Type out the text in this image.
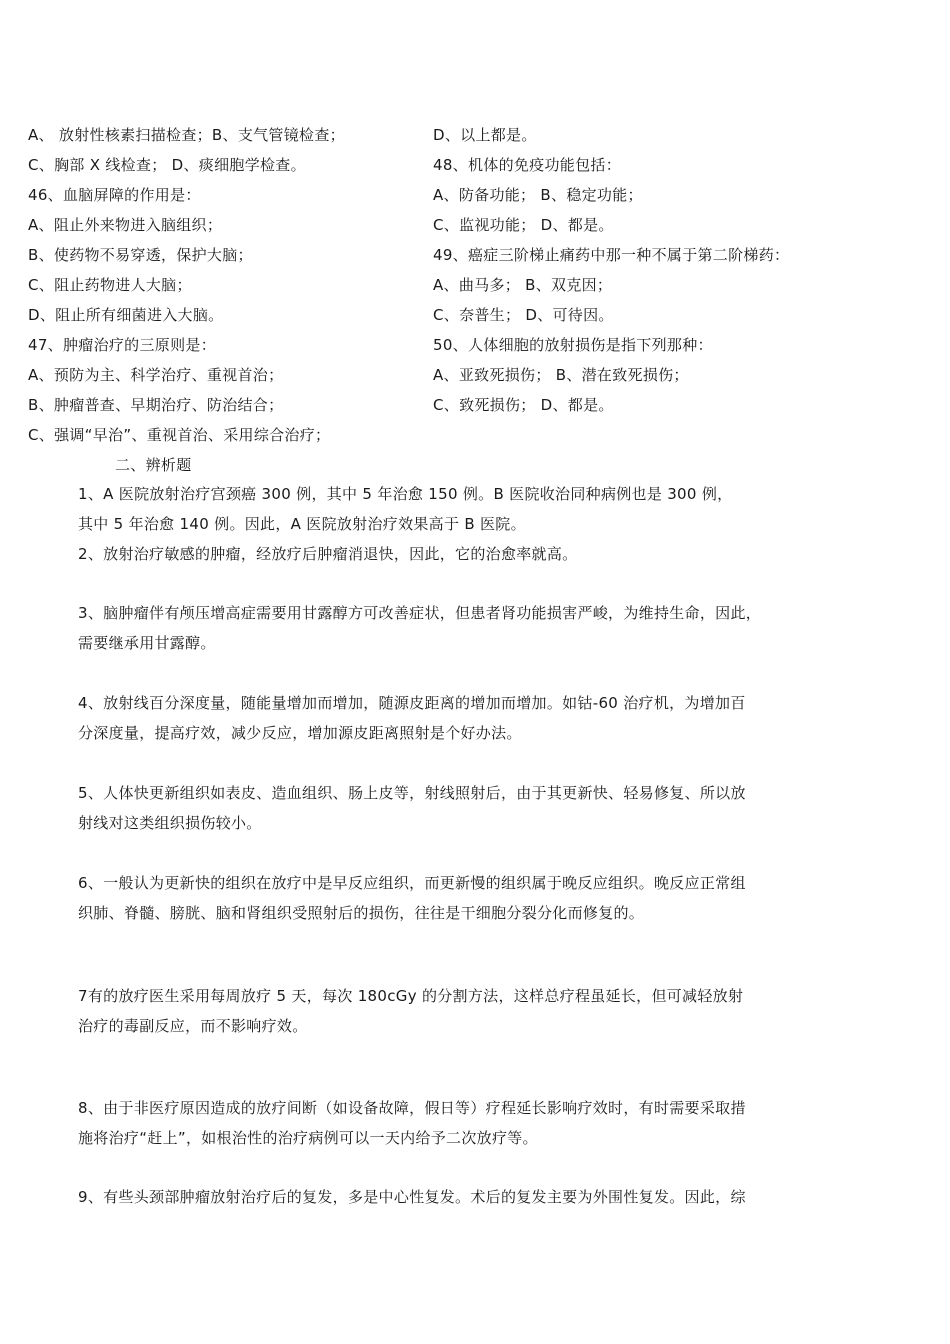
A、 放射性核素扫描检查；B、支气管镜检查；
C、胸部 X 线检查； D、痰细胞学检查。
46、血脑屏障的作用是：
A、阻止外来物进入脑组织；
B、使药物不易穿透，保护大脑；
C、阻止药物进人大脑；
D、阻止所有细菌进入大脑。
47、肿瘤治疗的三原则是：
A、预防为主、科学治疗、重视首治；
B、肿瘤普查、早期治疗、防治结合；
C、强调“早治”、重视首治、采用综合治疗；
D、以上都是。
48、机体的免疫功能包括：
A、防备功能； B、稳定功能；
C、监视功能； D、都是。
49、癌症三阶梯止痛药中那一种不属于第二阶梯药：
A、曲马多； B、双克因；
C、奈普生； D、可待因。
50、人体细胞的放射损伤是指下列那种：
A、亚致死损伤； B、潜在致死损伤；
C、致死损伤； D、都是。
二、辨析题
1、A 医院放射治疗宫颈癌 300 例，其中 5 年治愈 150 例。B 医院收治同种病例也是 300 例，
其中 5 年治愈 140 例。因此，A 医院放射治疗效果高于 B 医院。
2、放射治疗敏感的肿瘤，经放疗后肿瘤消退快，因此，它的治愈率就高。
3、脑肿瘤伴有颅压增高症需要用甘露醇方可改善症状，但患者肾功能损害严峻，为维持生命，因此，
需要继承用甘露醇。
4、放射线百分深度量，随能量增加而增加，随源皮距离的增加而增加。如钴-60 治疗机，为增加百
分深度量，提高疗效，减少反应，增加源皮距离照射是个好办法。
5、人体快更新组织如表皮、造血组织、肠上皮等，射线照射后，由于其更新快、轻易修复、所以放
射线对这类组织损伤较小。
6、一般认为更新快的组织在放疗中是早反应组织，而更新慢的组织属于晚反应组织。晚反应正常组
织肺、脊髓、膀胱、脑和肾组织受照射后的损伤，往往是干细胞分裂分化而修复的。
7有的放疗医生采用每周放疗 5 天，每次 180cGy 的分割方法，这样总疗程虽延长，但可减轻放射
治疗的毒副反应，而不影响疗效。
8、由于非医疗原因造成的放疗间断（如设备故障，假日等）疗程延长影响疗效时，有时需要采取措
施将治疗“赶上”，如根治性的治疗病例可以一天内给予二次放疗等。
9、有些头颈部肿瘤放射治疗后的复发，多是中心性复发。术后的复发主要为外围性复发。因此，综
